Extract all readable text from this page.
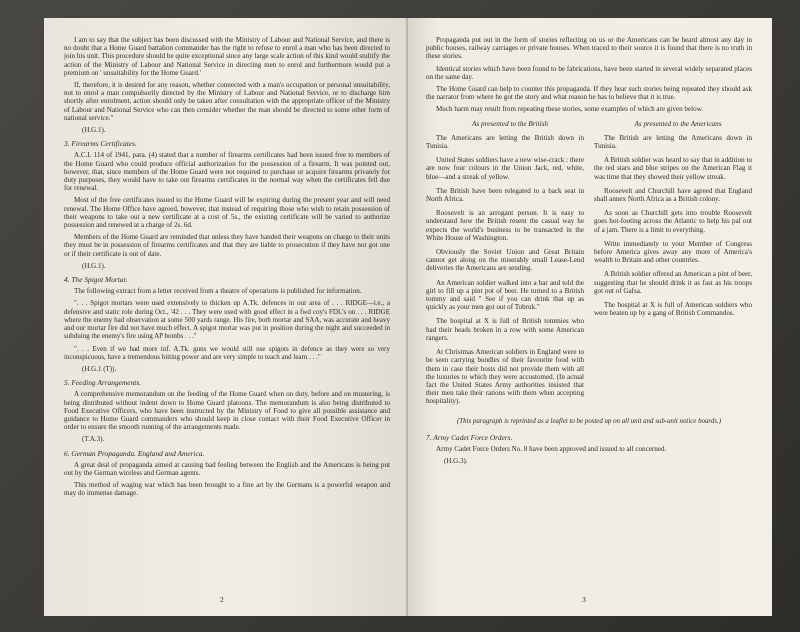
I am to say that the subject has been discussed with the Ministry of Labour and National Service, and there is no doubt that a Home Guard battalion commander has the right to refuse to enrol a man who has been directed to join his unit. This procedure should be quite exceptional since any large scale action of this kind would stultify the action of the Ministry of Labour and National Service in directing men to enrol and furthermore would put a premium on ' unsuitability for the Home Guard.'

If, therefore, it is desired for any reason, whether connected with a man's occupation or personal unsuitability, not to enrol a man compulsorily directed by the Ministry of Labour and National Service, or to discharge him shortly after enrolment, action should only be taken after consultation with the appropriate officer of the Ministry of Labour and National Service who can then consider whether the man should be directed to some other form of national service."

(H.G.1).

3. Firearms Certificates.

A.C.I. 114 of 1941, para. (4) stated that a number of firearms certificates had been issued free to members of the Home Guard who could produce official authorization for the possession of a firearm. It was pointed out, however, that, since members of the Home Guard were not required to purchase or acquire firearms privately for duty purposes, they would have to take out firearms certificates in the normal way when the certificates fell due for renewal.

Most of the free certificates issued to the Home Guard will be expiring during the present year and will need renewal. The Home Office have agreed, however, that instead of requiring those who wish to retain possession of their weapons to take out a new certificate at a cost of 5s., the existing certificate will be varied to authorize possession and renewed at a charge of 2s. 6d.

Members of the Home Guard are reminded that unless they have handed their weapons on charge to their units they must be in possession of firearms certificates and that they are liable to prosecution if they have not got one or if their certificate is out of date.

(H.G.1).

4. The Spigot Mortar.

The following extract from a letter received from a theatre of operations is published for information.

". . . Spigot mortars were used extensively to thicken up A.Tk. defences in our area of . . . RIDGE—i.e., a defensive and static role during Oct., '42 . . . They were used with good effect in a fwd coy's FDL's on . . . RIDGE where the enemy had observation at some 500 yards range. His fire, both mortar and SAA, was accurate and heavy and our mortar fire did not have much effect. A spigot mortar was put in position during the night and succeeded in subduing the enemy's fire using AP bombs . . ."

". . . Even if we had more inf. A.Tk. guns we would still use spigots in defence as they were so very inconspicuous, have a tremendous hitting power and are very simple to teach and learn . . ."

(H.G.1 (T)).

5. Feeding Arrangements.

A comprehensive memorandum on the feeding of the Home Guard when on duty, before and on mustering, is being distributed without indent down to Home Guard platoons. The memorandum is also being distributed to Food Executive Officers, who have been instructed by the Ministry of Food to give all possible assistance and guidance to Home Guard commanders who should keep in close contact with their Food Executive Officer in order to ensure the smooth running of the arrangements made.

(T.A.3).

6. German Propaganda. England and America.

A great deal of propaganda aimed at causing bad feeling between the English and the Americans is being put out by the German wireless and German agents.

This method of waging war which has been brought to a fine art by the Germans is a powerful weapon and may do immense damage.

2

Propaganda put out in the form of stories reflecting on us or the Americans can be heard almost any day in public houses, railway carriages or private houses. When traced to their source it is found that there is no truth in these stories.

Identical stories which have been found to be fabrications, have been started in several widely separated places on the same day.

The Home Guard can help to counter this propaganda. If they hear such stories being repeated they should ask the narrator from where he got the story and what reason he has to believe that it is true.

Much harm may result from repeating these stories, some examples of which are given below.

As presented to the British

The Americans are letting the British down in Tunisia.

United States soldiers have a new wise-crack : there are now four colours in the Union Jack, red, white, blue—and a streak of yellow.

The British have been relegated to a back seat in North Africa.

Roosevelt is an arrogant person. It is easy to understand how the British resent the casual way he expects the world's business to be transacted in the White House of Washington.

Obviously the Soviet Union and Great Britain cannot get along on the miserably small Lease-Lend deliveries the Americans are sending.

An American soldier walked into a bar and told the girl to fill up a pint pot of beer. He turned to a British tommy and said " See if you can drink that up as quickly as your men got out of Tobruk."

The hospital at X is full of British tommies who had their heads broken in a row with some American rangers.

At Christmas American soldiers in England were to be seen carrying bundles of their favourite food with them in case their hosts did not provide them with all the luxuries to which they were accustomed. (In actual fact the United States Army authorities insisted that their men take their rations with them when accepting hospitality).

As presented to the Americans

The British are letting the Americans down in Tunisia.

A British soldier was heard to say that in addition to the red stars and blue stripes on the American Flag it was time that they showed their yellow streak.

Roosevelt and Churchill have agreed that England shall annex North Africa as a British colony.

As soon as Churchill gets into trouble Roosevelt goes hot-footing across the Atlantic to help his pal out of a jam. There is a limit to everything.

Write immediately to your Member of Congress before America gives away any more of America's wealth to Britain and other countries.

A British soldier offered an American a pint of beer, suggesting that he should drink it as fast as his troops got out of Gafsa.

The hospital at X is full of American soldiers who were beaten up by a gang of British Commandos.

(This paragraph is reprinted as a leaflet to be posted up on all unit and sub-unit notice boards.)

7. Army Cadet Force Orders.

Army Cadet Force Orders No. 8 have been approved and issued to all concerned.

(H.G.3).

3
